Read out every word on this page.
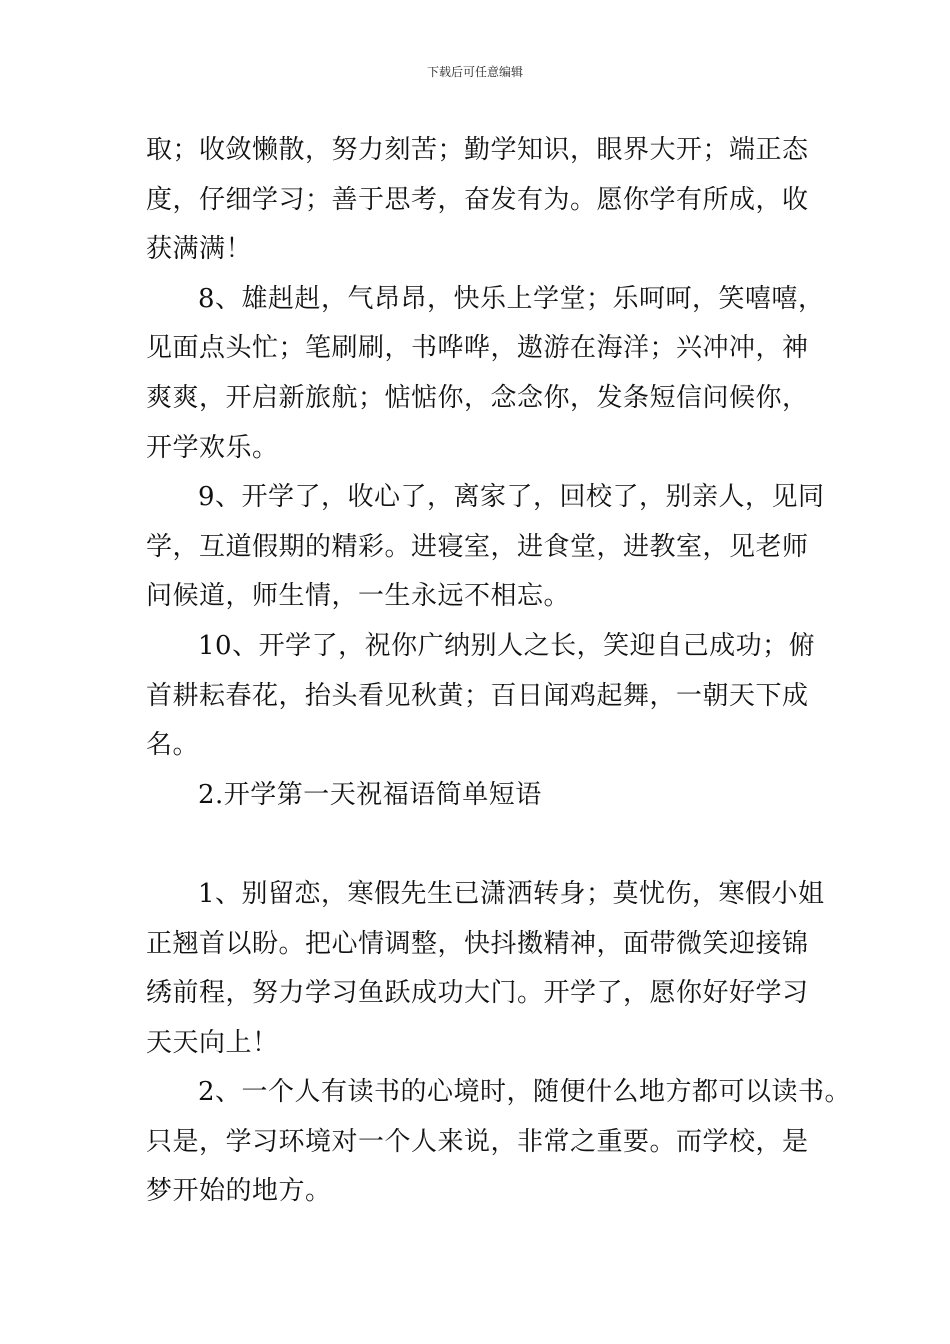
下载后可任意编辑
取；收敛懒散，努力刻苦；勤学知识，眼界大开；端正态
度，仔细学习；善于思考，奋发有为。愿你学有所成，收
获满满！
8、雄赳赳，气昂昂，快乐上学堂；乐呵呵，笑嘻嘻，
见面点头忙；笔刷刷，书哗哗，遨游在海洋；兴冲冲，神
爽爽，开启新旅航；惦惦你，念念你，发条短信问候你，
开学欢乐。
9、开学了，收心了，离家了，回校了，别亲人，见同
学，互道假期的精彩。进寝室，进食堂，进教室，见老师
问候道，师生情，一生永远不相忘。
10、开学了，祝你广纳别人之长，笑迎自己成功；俯
首耕耘春花，抬头看见秋黄；百日闻鸡起舞，一朝天下成
名。
2.开学第一天祝福语简单短语
1、别留恋，寒假先生已潇洒转身；莫忧伤，寒假小姐
正翘首以盼。把心情调整，快抖擞精神，面带微笑迎接锦
绣前程，努力学习鱼跃成功大门。开学了，愿你好好学习
天天向上！
2、一个人有读书的心境时，随便什么地方都可以读书。
只是，学习环境对一个人来说，非常之重要。而学校，是
梦开始的地方。
